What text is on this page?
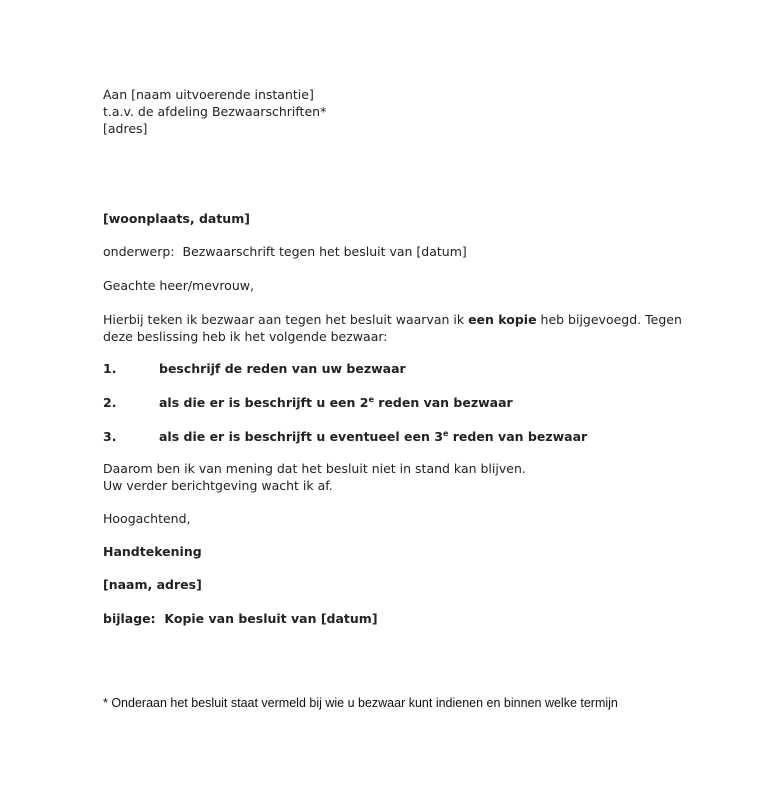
Aan [naam uitvoerende instantie]
t.a.v. de afdeling Bezwaarschriften*
[adres]
[woonplaats, datum]
onderwerp: Bezwaarschrift tegen het besluit van [datum]
Geachte heer/mevrouw,
Hierbij teken ik bezwaar aan tegen het besluit waarvan ik een kopie heb bijgevoegd. Tegen
deze beslissing heb ik het volgende bezwaar:
1.	beschrijf de reden van uw bezwaar
2.	als die er is beschrijft u een 2e reden van bezwaar
3.	als die er is beschrijft u eventueel een 3e reden van bezwaar
Daarom ben ik van mening dat het besluit niet in stand kan blijven.
Uw verder berichtgeving wacht ik af.
Hoogachtend,
Handtekening
[naam, adres]
bijlage: Kopie van besluit van [datum]
* Onderaan het besluit staat vermeld bij wie u bezwaar kunt indienen en binnen welke termijn
